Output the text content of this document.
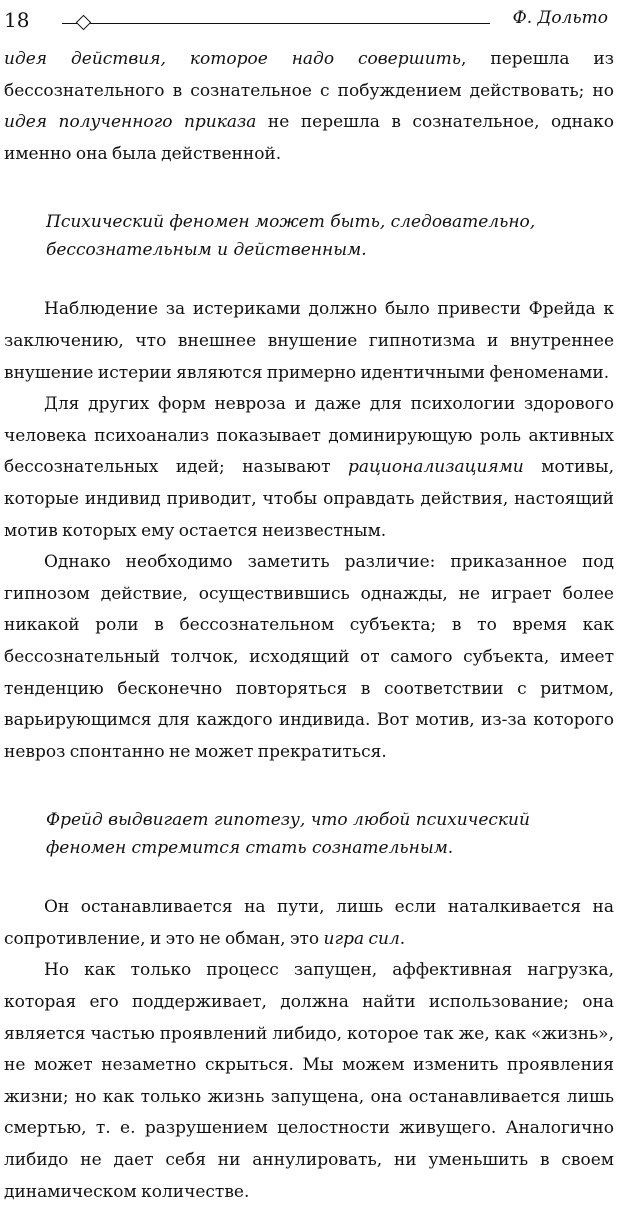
18	Ф. Дольто

идея действия, которое надо совершить, перешла из бессознательного в сознательное с побуждением действовать; но идея полученного приказа не перешла в сознательное, однако именно она была действенной.

Психический феномен может быть, следовательно, бессознательным и действенным.

Наблюдение за истериками должно было привести Фрейда к заключению, что внешнее внушение гипнотизма и внутреннее внушение истерии являются примерно идентичными феноменами.

Для других форм невроза и даже для психологии здорового человека психоанализ показывает доминирующую роль активных бессознательных идей; называют рационализациями мотивы, которые индивид приводит, чтобы оправдать действия, настоящий мотив которых ему остается неизвестным.

Однако необходимо заметить различие: приказанное под гипнозом действие, осуществившись однажды, не играет более никакой роли в бессознательном субъекта; в то время как бессознательный толчок, исходящий от самого субъекта, имеет тенденцию бесконечно повторяться в соответствии с ритмом, варьирующимся для каждого индивида. Вот мотив, из-за которого невроз спонтанно не может прекратиться.

Фрейд выдвигает гипотезу, что любой психический феномен стремится стать сознательным.

Он останавливается на пути, лишь если наталкивается на сопротивление, и это не обман, это игра сил.

Но как только процесс запущен, аффективная нагрузка, которая его поддерживает, должна найти использование; она является частью проявлений либидо, которое так же, как «жизнь», не может незаметно скрыться. Мы можем изменить проявления жизни; но как только жизнь запущена, она останавливается лишь смертью, т. е. разрушением целостности живущего. Аналогично либидо не дает себя ни аннулировать, ни уменьшить в своем динамическом количестве.
